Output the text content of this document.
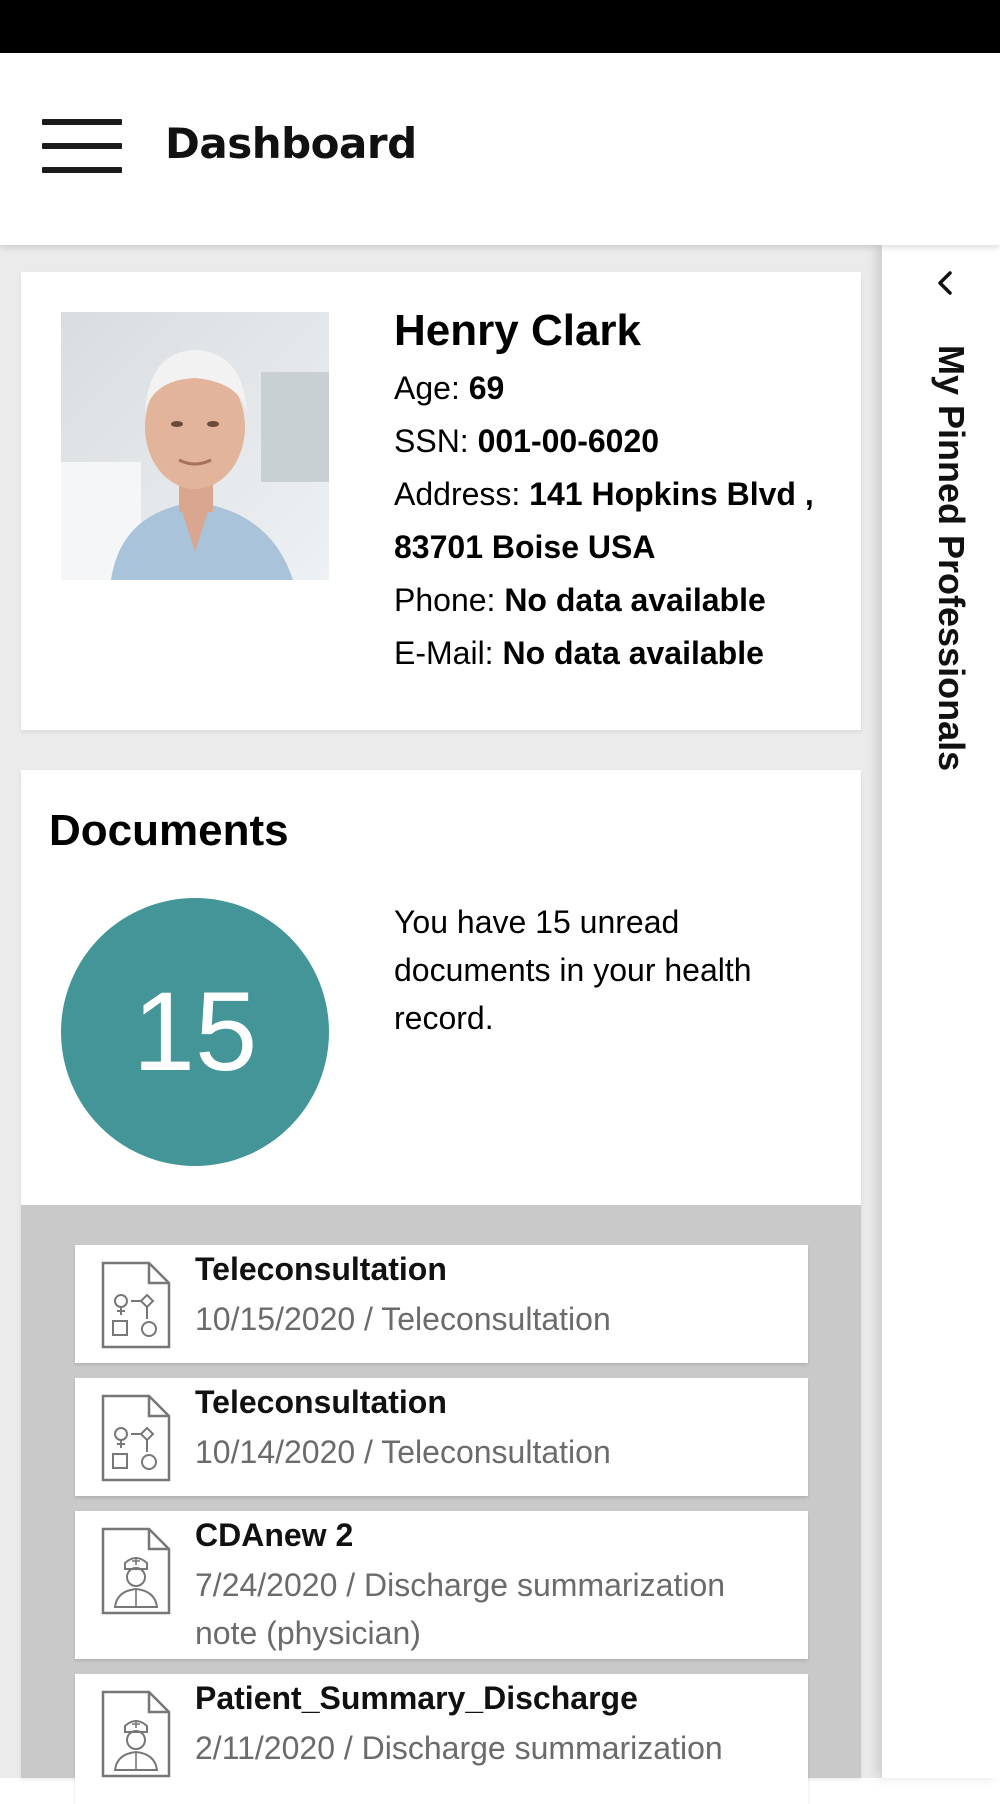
Dashboard
Henry Clark
Age: 69
SSN: 001-00-6020
Address: 141 Hopkins Blvd ,
83701 Boise USA
Phone: No data available
E-Mail: No data available
Documents
15
You have 15 unread documents in your health record.
Teleconsultation
10/15/2020 / Teleconsultation
Teleconsultation
10/14/2020 / Teleconsultation
CDAnew 2
7/24/2020 / Discharge summarization note (physician)
Patient_Summary_Discharge
2/11/2020 / Discharge summarization
My Pinned Professionals
